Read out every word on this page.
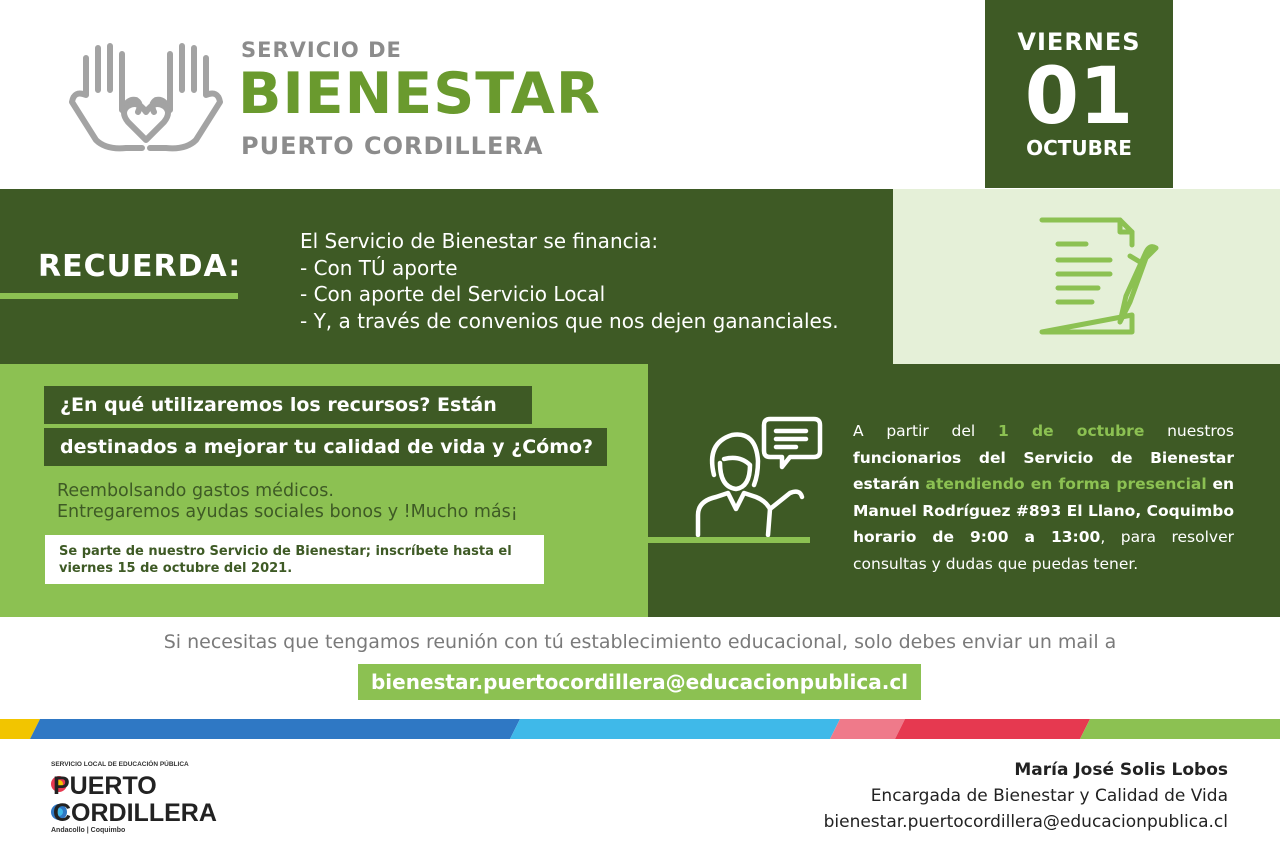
SERVICIO DE
BIENESTAR
PUERTO CORDILLERA
VIERNES
01
OCTUBRE
RECUERDA:
El Servicio de Bienestar se financia:
- Con TÚ aporte
- Con aporte del Servicio Local
- Y, a través de convenios que nos dejen gananciales.
¿En qué utilizaremos los recursos? Están
destinados a mejorar tu calidad de vida y ¿Cómo?
Reembolsando gastos médicos.
Entregaremos ayudas sociales bonos y !Mucho más¡
Se parte de nuestro Servicio de Bienestar; inscríbete hasta el
viernes 15 de octubre del 2021.
A partir del 1 de octubre nuestros funcionarios del Servicio de Bienestar estarán atendiendo en forma presencial en Manuel Rodríguez #893 El Llano, Coquimbo horario de 9:00 a 13:00, para resolver consultas y dudas que puedas tener.
Si necesitas que tengamos reunión con tú establecimiento educacional, solo debes enviar un mail a
bienestar.puertocordillera@educacionpublica.cl
SERVICIO LOCAL DE EDUCACIÓN PÚBLICA
PUERTO
CORDILLERA
Andacollo | Coquimbo
María José Solis Lobos
Encargada de Bienestar y Calidad de Vida
bienestar.puertocordillera@educacionpublica.cl
